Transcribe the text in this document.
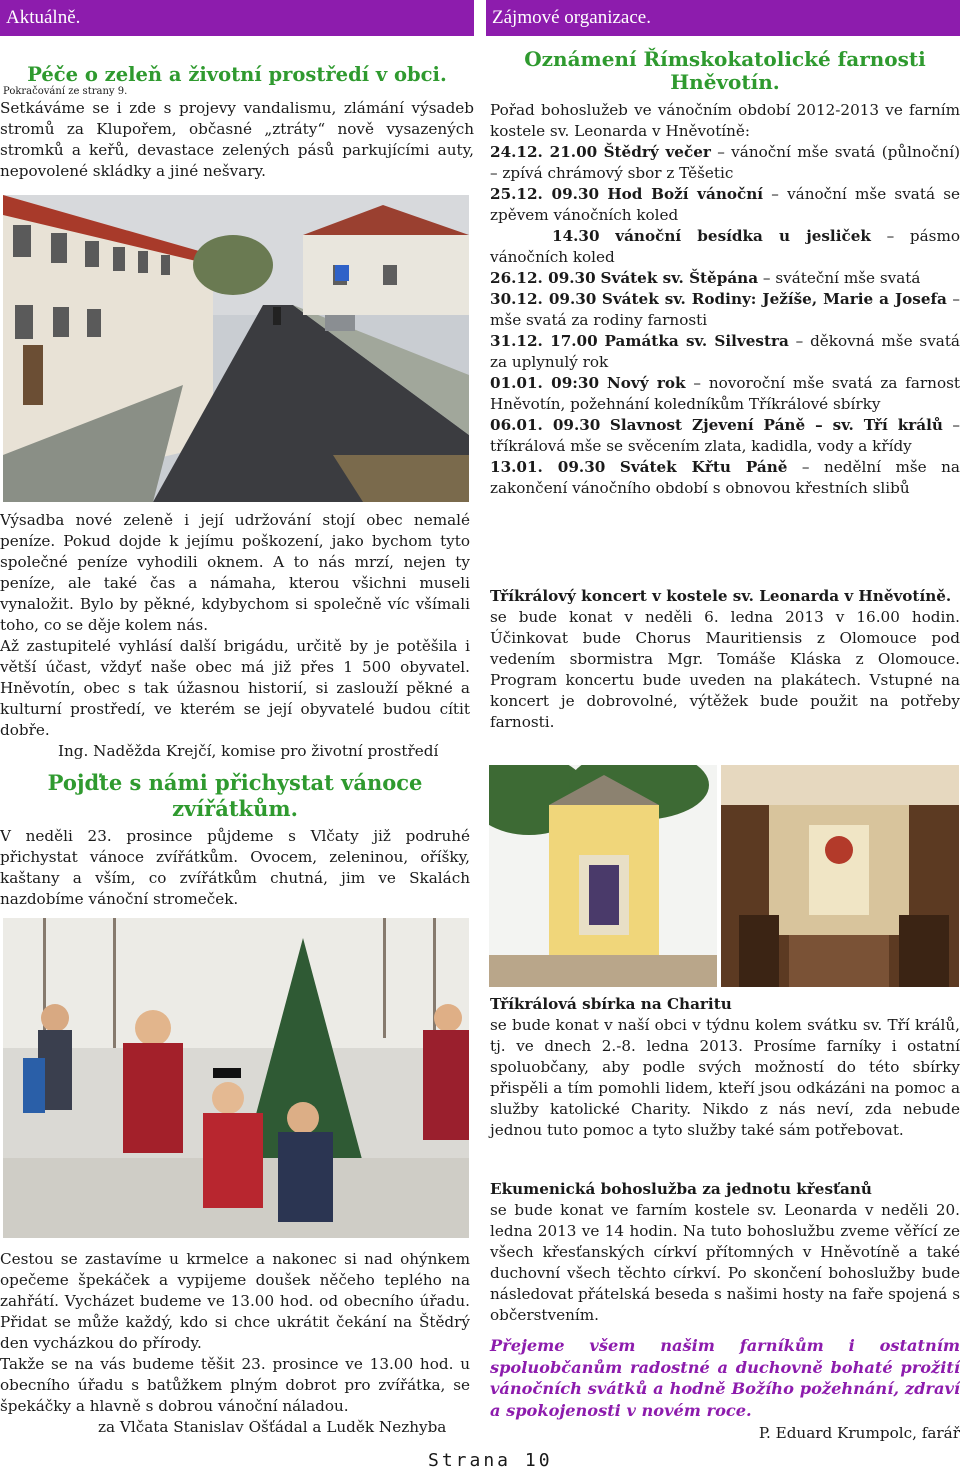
Aktuálně.
Péče o zeleň a životní prostředí v obci.

Pokračování ze strany 9.

Setkáváme se i zde s projevy vandalismu, zlámání výsadeb stromů za Klupořem, občasné „ztráty“ nově vysazených stromků a keřů, devastace zelených pásů parkujícími auty, nepovolené skládky a jiné nešvary.

Výsadba nové zeleně i její udržování stojí obec nemalé peníze. Pokud dojde k jejímu poškození, jako bychom tyto společné peníze vyhodili oknem. A to nás mrzí, nejen ty peníze, ale také čas a námaha, kterou všichni museli vynaložit. Bylo by pěkné, kdybychom si společně víc všímali toho, co se děje kolem nás.

Až zastupitelé vyhlásí další brigádu, určitě by je potěšila i větší účast, vždyť naše obec má již přes 1 500 obyvatel. Hněvotín, obec s tak úžasnou historií, si zaslouží pěkné a kulturní prostředí, ve kterém se její obyvatelé budou cítit dobře.

Ing. Naděžda Krejčí, komise pro životní prostředí

Pojďte s námi přichystat vánoce
zvířátkům.

V neděli 23. prosince půjdeme s Vlčaty již podruhé přichystat vánoce zvířátkům. Ovocem, zeleninou, oříšky, kaštany a vším, co zvířátkům chutná, jim ve Skalách nazdobíme vánoční stromeček.

Cestou se zastavíme u krmelce a nakonec si nad ohýnkem opečeme špekáček a vypijeme doušek něčeho teplého na zahřátí. Vycházet budeme ve 13.00 hod. od obecního úřadu. Přidat se může každý, kdo si chce ukrátit čekání na Štědrý den vycházkou do přírody.

Takže se na vás budeme těšit 23. prosince ve 13.00 hod. u obecního úřadu s batůžkem plným dobrot pro zvířátka, se špekáčky a hlavně s dobrou vánoční náladou.

za Vlčata Stanislav Ošťádal a Luděk Nezhyba

Zájmové organizace.
Oznámení Římskokatolické farnosti
Hněvotín.

Pořad bohoslužeb ve vánočním období 2012-2013 ve farním kostele sv. Leonarda v Hněvotíně:

24.12. 21.00 Štědrý večer – vánoční mše svatá (půlnoční) – zpívá chrámový sbor z Těšetic

25.12. 09.30 Hod Boží vánoční – vánoční mše svatá se zpěvem vánočních koled

14.30 vánoční besídka u jesliček – pásmo vánočních koled

26.12. 09.30 Svátek sv. Štěpána – sváteční mše svatá

30.12. 09.30 Svátek sv. Rodiny: Ježíše, Marie a Josefa – mše svatá za rodiny farnosti

31.12. 17.00 Památka sv. Silvestra – děkovná mše svatá za uplynulý rok

01.01. 09:30 Nový rok – novoroční mše svatá za farnost Hněvotín, požehnání koledníkům Tříkrálové sbírky

06.01. 09.30 Slavnost Zjevení Páně – sv. Tří králů – tříkrálová mše se svěcením zlata, kadidla, vody a křídy

13.01. 09.30 Svátek Křtu Páně – nedělní mše na zakončení vánočního období s obnovou křestních slibů

Tříkrálový koncert v kostele sv. Leonarda v Hněvotíně.

se bude konat v neděli 6. ledna 2013 v 16.00 hodin. Účinkovat bude Chorus Mauritiensis z Olomouce pod vedením sbormistra Mgr. Tomáše Kláska z Olomouce. Program koncertu bude uveden na plakátech. Vstupné na koncert je dobrovolné, výtěžek bude použit na potřeby farnosti.

Tříkrálová sbírka na Charitu

se bude konat v naší obci v týdnu kolem svátku sv. Tří králů, tj. ve dnech 2.-8. ledna 2013. Prosíme farníky i ostatní spoluobčany, aby podle svých možností do této sbírky přispěli a tím pomohli lidem, kteří jsou odkázáni na pomoc a služby katolické Charity. Nikdo z nás neví, zda nebude jednou tuto pomoc a tyto služby také sám potřebovat.

Ekumenická bohoslužba za jednotu křesťanů

se bude konat ve farním kostele sv. Leonarda v neděli 20. ledna 2013 ve 14 hodin. Na tuto bohoslužbu zveme věřící ze všech křesťanských církví přítomných v Hněvotíně a také duchovní všech těchto církví. Po skončení bohoslužby bude následovat přátelská beseda s našimi hosty na faře spojená s občerstvením.

Přejeme všem našim farníkům i ostatním spoluobčanům radostné a duchovně bohaté prožití vánočních svátků a hodně Božího požehnání, zdraví a spokojenosti v novém roce.

P. Eduard Krumpolc, farář

Strana 10
